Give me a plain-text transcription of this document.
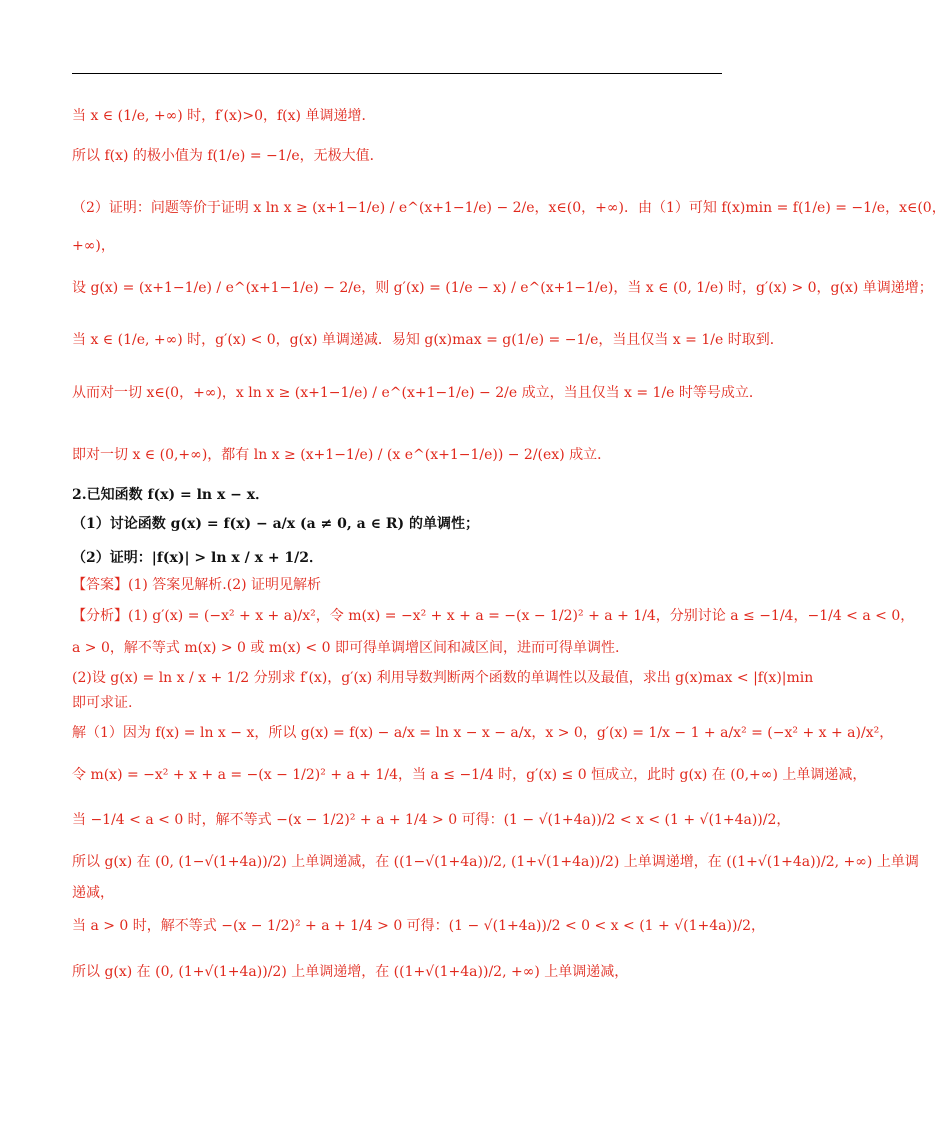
当 x ∈ (1/e, +∞) 时，f′(x)>0，f(x) 单调递增．
所以 f(x) 的极小值为 f(1/e) = −1/e，无极大值．
（2）证明：问题等价于证明 x ln x ≥ (x+1−1/e) / e^(x+1−1/e) − 2/e，x∈(0，+∞)．由（1）可知 f(x)min = f(1/e) = −1/e，x∈(0，
+∞)，
设 g(x) = (x+1−1/e) / e^(x+1−1/e) − 2/e，则 g′(x) = (1/e − x) / e^(x+1−1/e)，当 x ∈ (0, 1/e) 时，g′(x) > 0，g(x) 单调递增；
当 x ∈ (1/e, +∞) 时，g′(x) < 0，g(x) 单调递减．易知 g(x)max = g(1/e) = −1/e，当且仅当 x = 1/e 时取到．
从而对一切 x∈(0，+∞)，x ln x ≥ (x+1−1/e) / e^(x+1−1/e) − 2/e 成立，当且仅当 x = 1/e 时等号成立．
即对一切 x ∈ (0,+∞)，都有 ln x ≥ (x+1−1/e) / (x e^(x+1−1/e)) − 2/(ex) 成立．
2.已知函数 f(x) = ln x − x．
（1）讨论函数 g(x) = f(x) − a/x (a ≠ 0, a ∈ R) 的单调性；
（2）证明：|f(x)| > ln x / x + 1/2．
【答案】(1) 答案见解析.(2) 证明见解析
【分析】(1) g′(x) = (−x² + x + a)/x²，令 m(x) = −x² + x + a = −(x − 1/2)² + a + 1/4，分别讨论 a ≤ −1/4，−1/4 < a < 0，
a > 0，解不等式 m(x) > 0 或 m(x) < 0 即可得单调增区间和减区间，进而可得单调性.
(2)设 g(x) = ln x / x + 1/2 分别求 f′(x)，g′(x) 利用导数判断两个函数的单调性以及最值，求出 g(x)max < |f(x)|min
即可求证.
解（1）因为 f(x) = ln x − x，所以 g(x) = f(x) − a/x = ln x − x − a/x，x > 0，g′(x) = 1/x − 1 + a/x² = (−x² + x + a)/x²，
令 m(x) = −x² + x + a = −(x − 1/2)² + a + 1/4，当 a ≤ −1/4 时，g′(x) ≤ 0 恒成立，此时 g(x) 在 (0,+∞) 上单调递减，
当 −1/4 < a < 0 时，解不等式 −(x − 1/2)² + a + 1/4 > 0 可得：(1 − √(1+4a))/2 < x < (1 + √(1+4a))/2，
所以 g(x) 在 (0, (1−√(1+4a))/2) 上单调递减，在 ((1−√(1+4a))/2, (1+√(1+4a))/2) 上单调递增，在 ((1+√(1+4a))/2, +∞) 上单调
递减，
当 a > 0 时，解不等式 −(x − 1/2)² + a + 1/4 > 0 可得：(1 − √(1+4a))/2 < 0 < x < (1 + √(1+4a))/2，
所以 g(x) 在 (0, (1+√(1+4a))/2) 上单调递增，在 ((1+√(1+4a))/2, +∞) 上单调递减，
